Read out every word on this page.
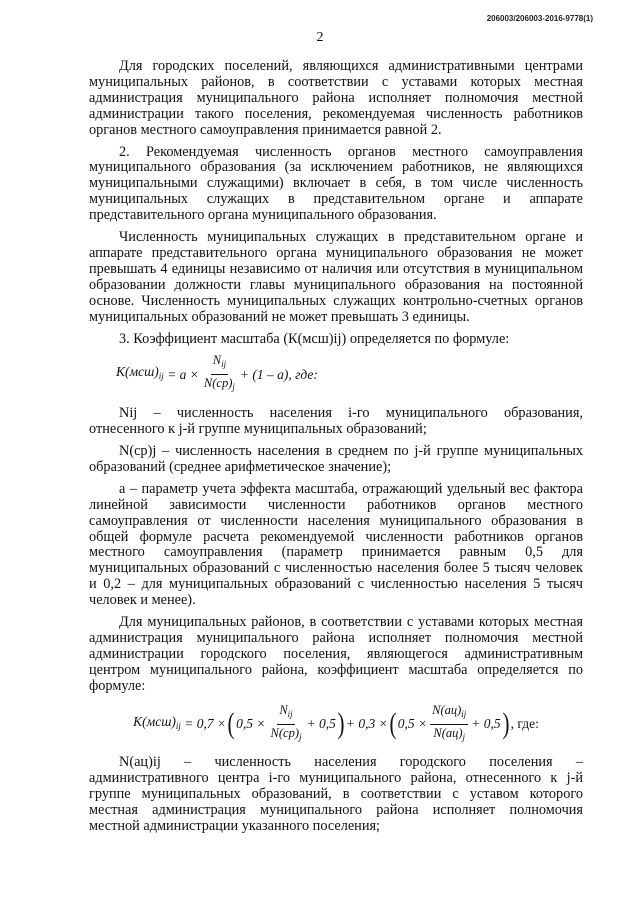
206003/206003-2016-9778(1)
2

Для городских поселений, являющихся административными центрами муниципальных районов, в соответствии с уставами которых местная администрация муниципального района исполняет полномочия местной администрации такого поселения, рекомендуемая численность работников органов местного самоуправления принимается равной 2.

2. Рекомендуемая численность органов местного самоуправления муниципального образования (за исключением работников, не являющихся муниципальными служащими) включает в себя, в том числе численность муниципальных служащих в представительном органе и аппарате представительного органа муниципального образования.

Численность муниципальных служащих в представительном органе и аппарате представительного органа муниципального образования не может превышать 4 единицы независимо от наличия или отсутствия в муниципальном образовании должности главы муниципального образования на постоянной основе. Численность муниципальных служащих контрольно-счетных органов муниципальных образований не может превышать 3 единицы.

3. Коэффициент масштаба (К(мсш)ij) определяется по формуле:

$K(мсш)_{ij}$
= $a \times \frac{N_{ij}}{N(cp)_j} + (1 - a)$, где:

Nij – численность населения i-го муниципального образования, отнесенного к j-й группе муниципальных образований;

N(cp)j – численность населения в среднем по j-й группе муниципальных образований (среднее арифметическое значение);

a – параметр учета эффекта масштаба, отражающий удельный вес фактора линейной зависимости численности работников органов местного самоуправления от численности населения муниципального образования в общей формуле расчета рекомендуемой численности работников органов местного самоуправления (параметр принимается равным 0,5 для муниципальных образований с численностью населения более 5 тысяч человек и 0,2 – для муниципальных образований с численностью населения 5 тысяч человек и менее).

Для муниципальных районов, в соответствии с уставами которых местная администрация муниципального района исполняет полномочия местной администрации городского поселения, являющегося административным центром муниципального района, коэффициент масштаба определяется по формуле:

$K(мсш)_{ij}$
= 0,7 × ( $0,5 \times \frac{N_{ij}}{N(cp)_j} + 0,5$ ) + 0,3 × ( $0,5 \times \frac{N(ац)_{ij}}{N(ац)_j} + 0,5$ ) , где:

N(ац)ij – численность населения городского поселения – административного центра i-го муниципального района, отнесенного к j-й группе муниципальных образований, в соответствии с уставом которого местная администрация муниципального района исполняет полномочия местной администрации указанного поселения;
